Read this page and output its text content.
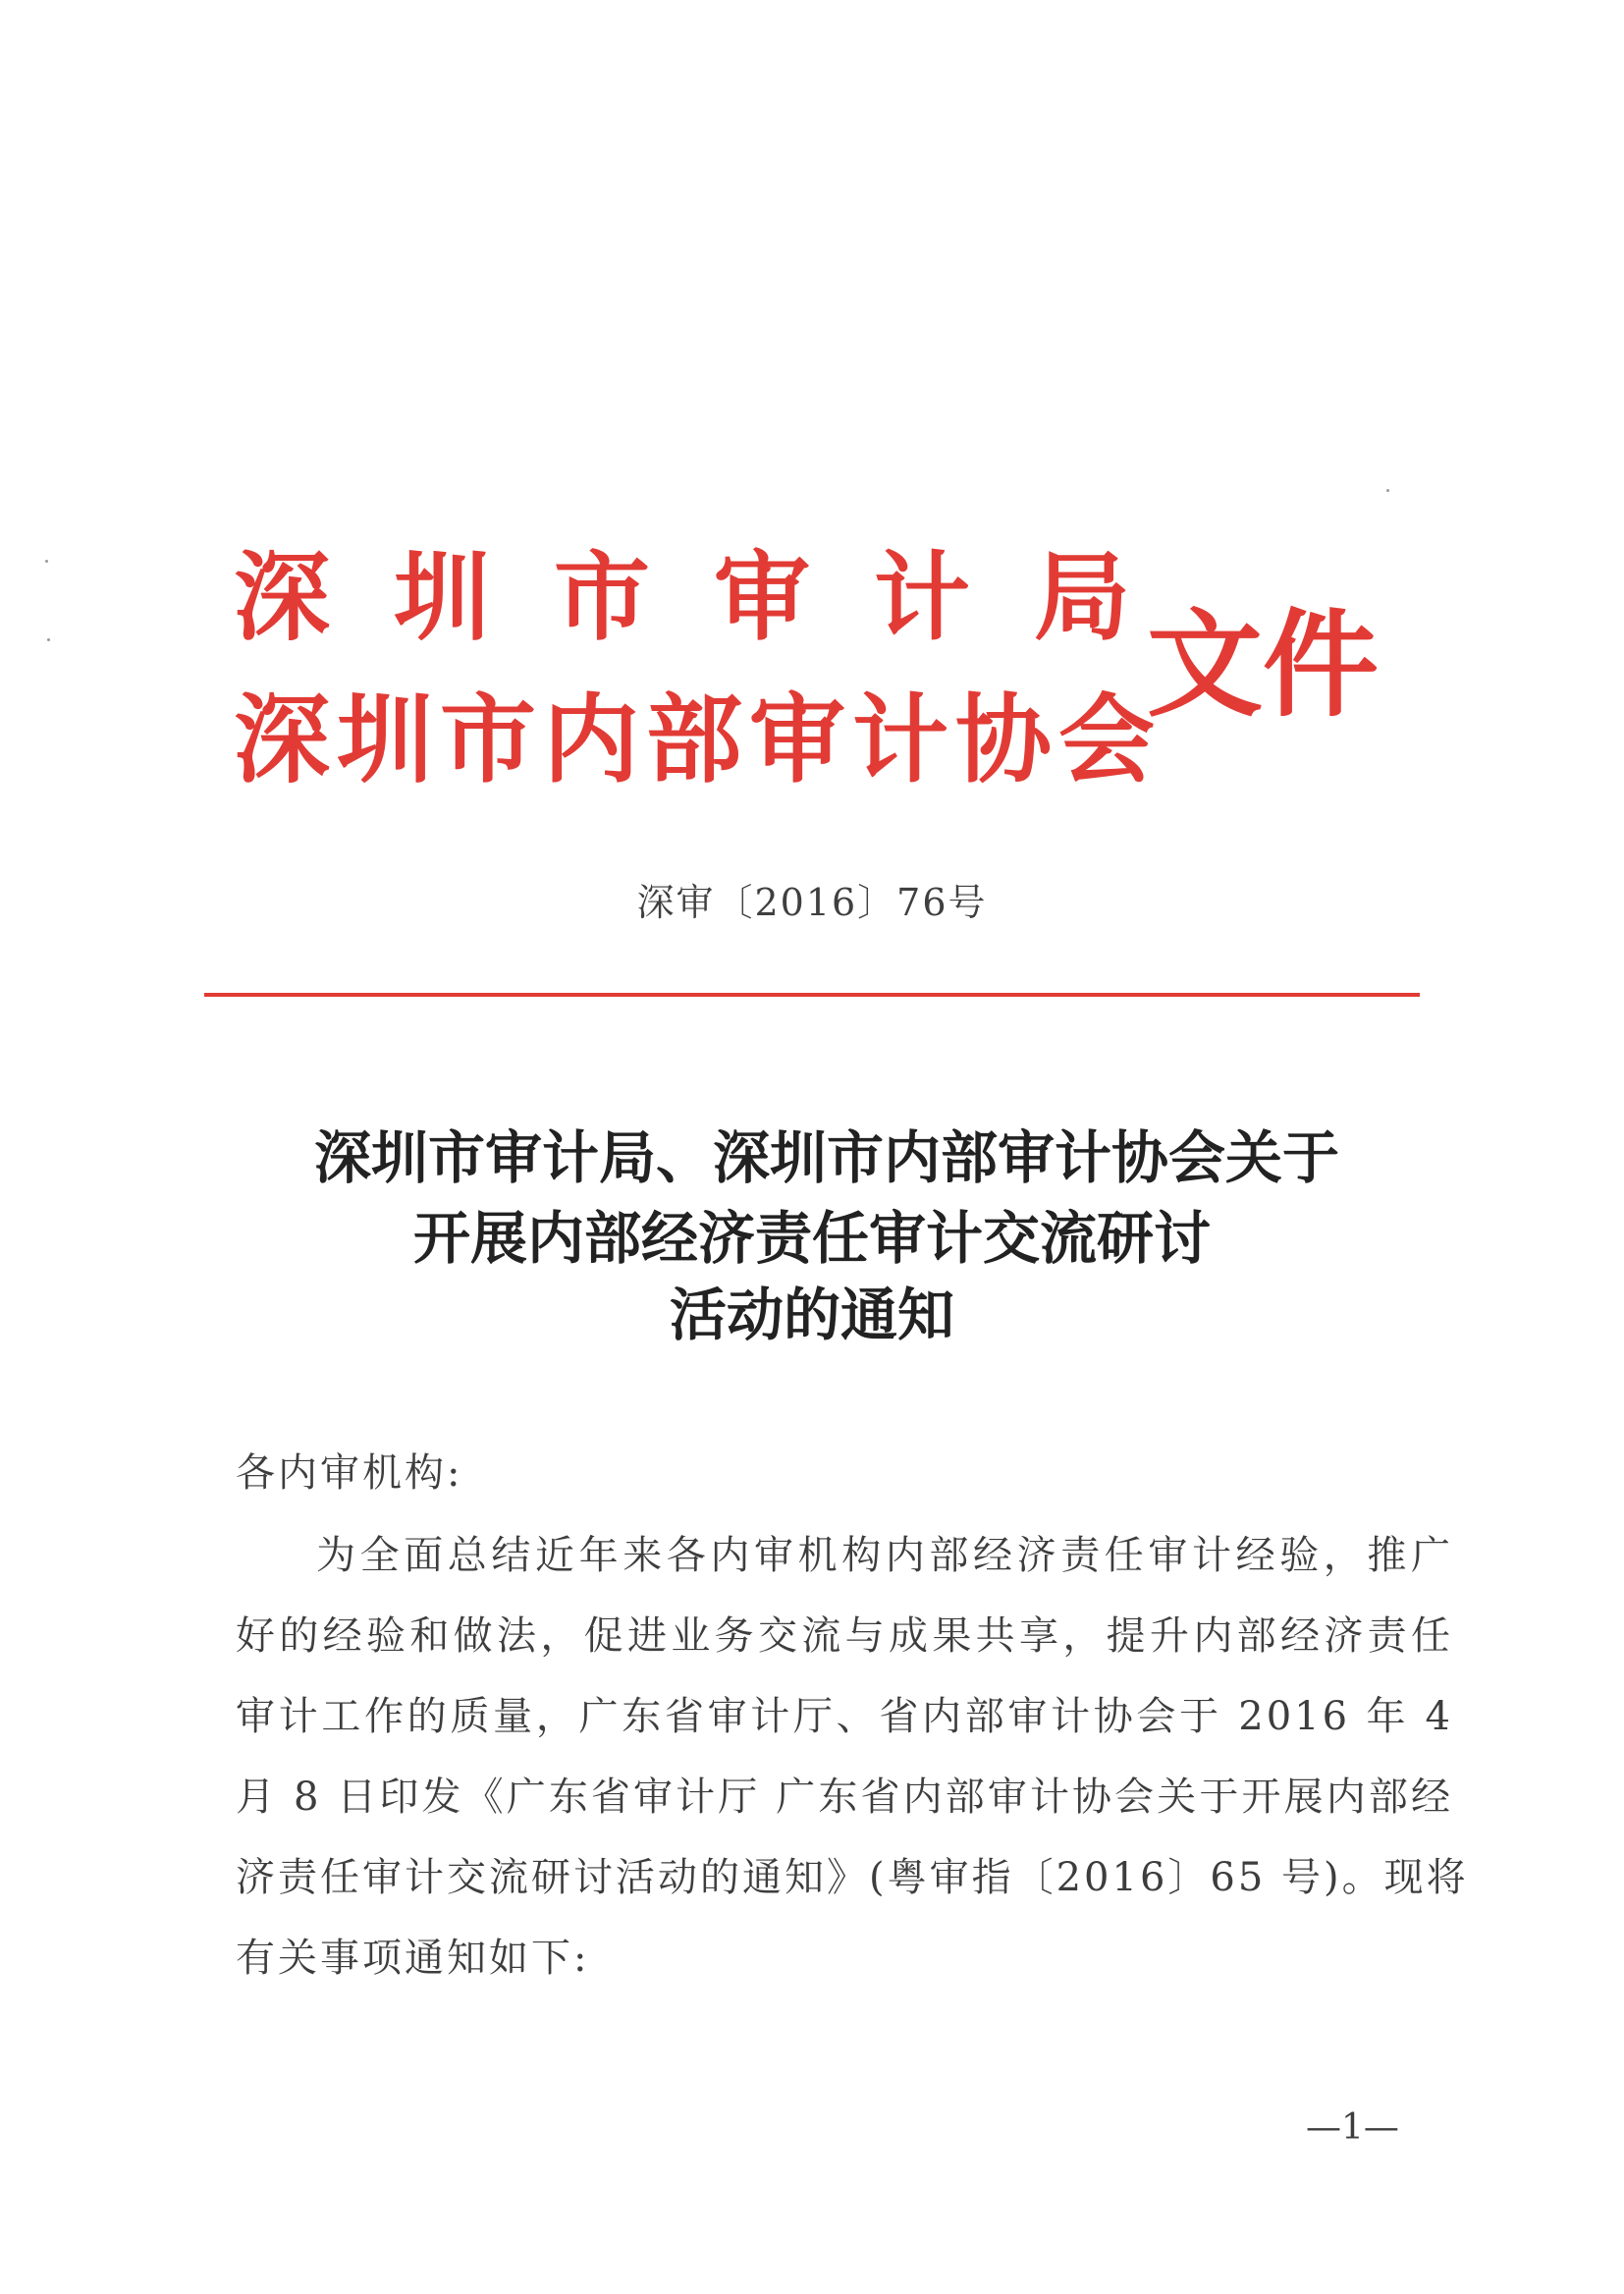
深圳市审计局
深圳市内部审计协会
文件
深审〔2016〕76号
深圳市审计局、深圳市内部审计协会关于
开展内部经济责任审计交流研讨
活动的通知
各内审机构:
为全面总结近年来各内审机构内部经济责任审计经验，推广
好的经验和做法，促进业务交流与成果共享，提升内部经济责任
审计工作的质量，广东省审计厅、省内部审计协会于 2016 年 4
月 8 日印发《广东省审计厅 广东省内部审计协会关于开展内部经
济责任审计交流研讨活动的通知》(粤审指〔2016〕65 号)。现将
有关事项通知如下:
—1—
